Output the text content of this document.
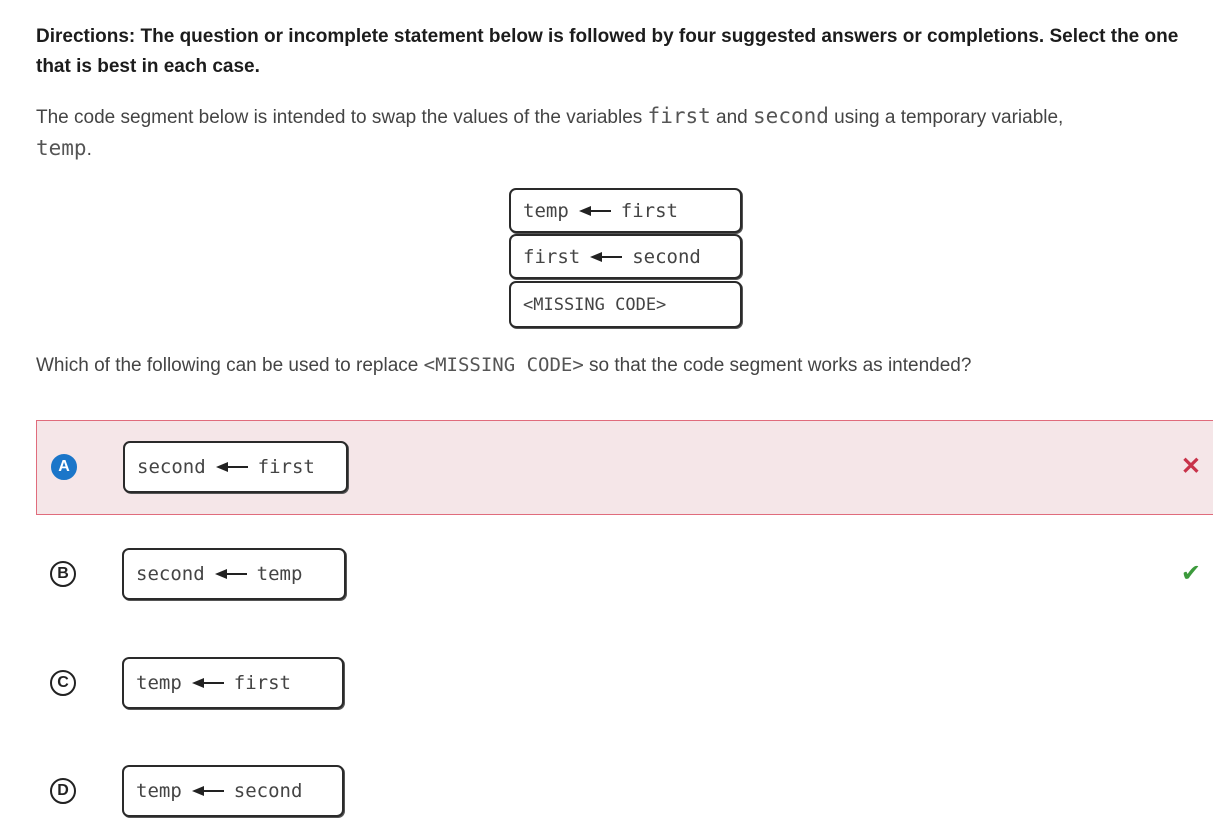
Directions: The question or incomplete statement below is followed by four suggested answers or completions. Select the one that is best in each case.
The code segment below is intended to swap the values of the variables first and second using a temporary variable,
temp.
temp	first
first	second
<MISSING CODE>
Which of the following can be used to replace <MISSING CODE> so that the code segment works as intended?
A	second	first	✕
B	second	temp	✔
C	temp	first
D	temp	second
